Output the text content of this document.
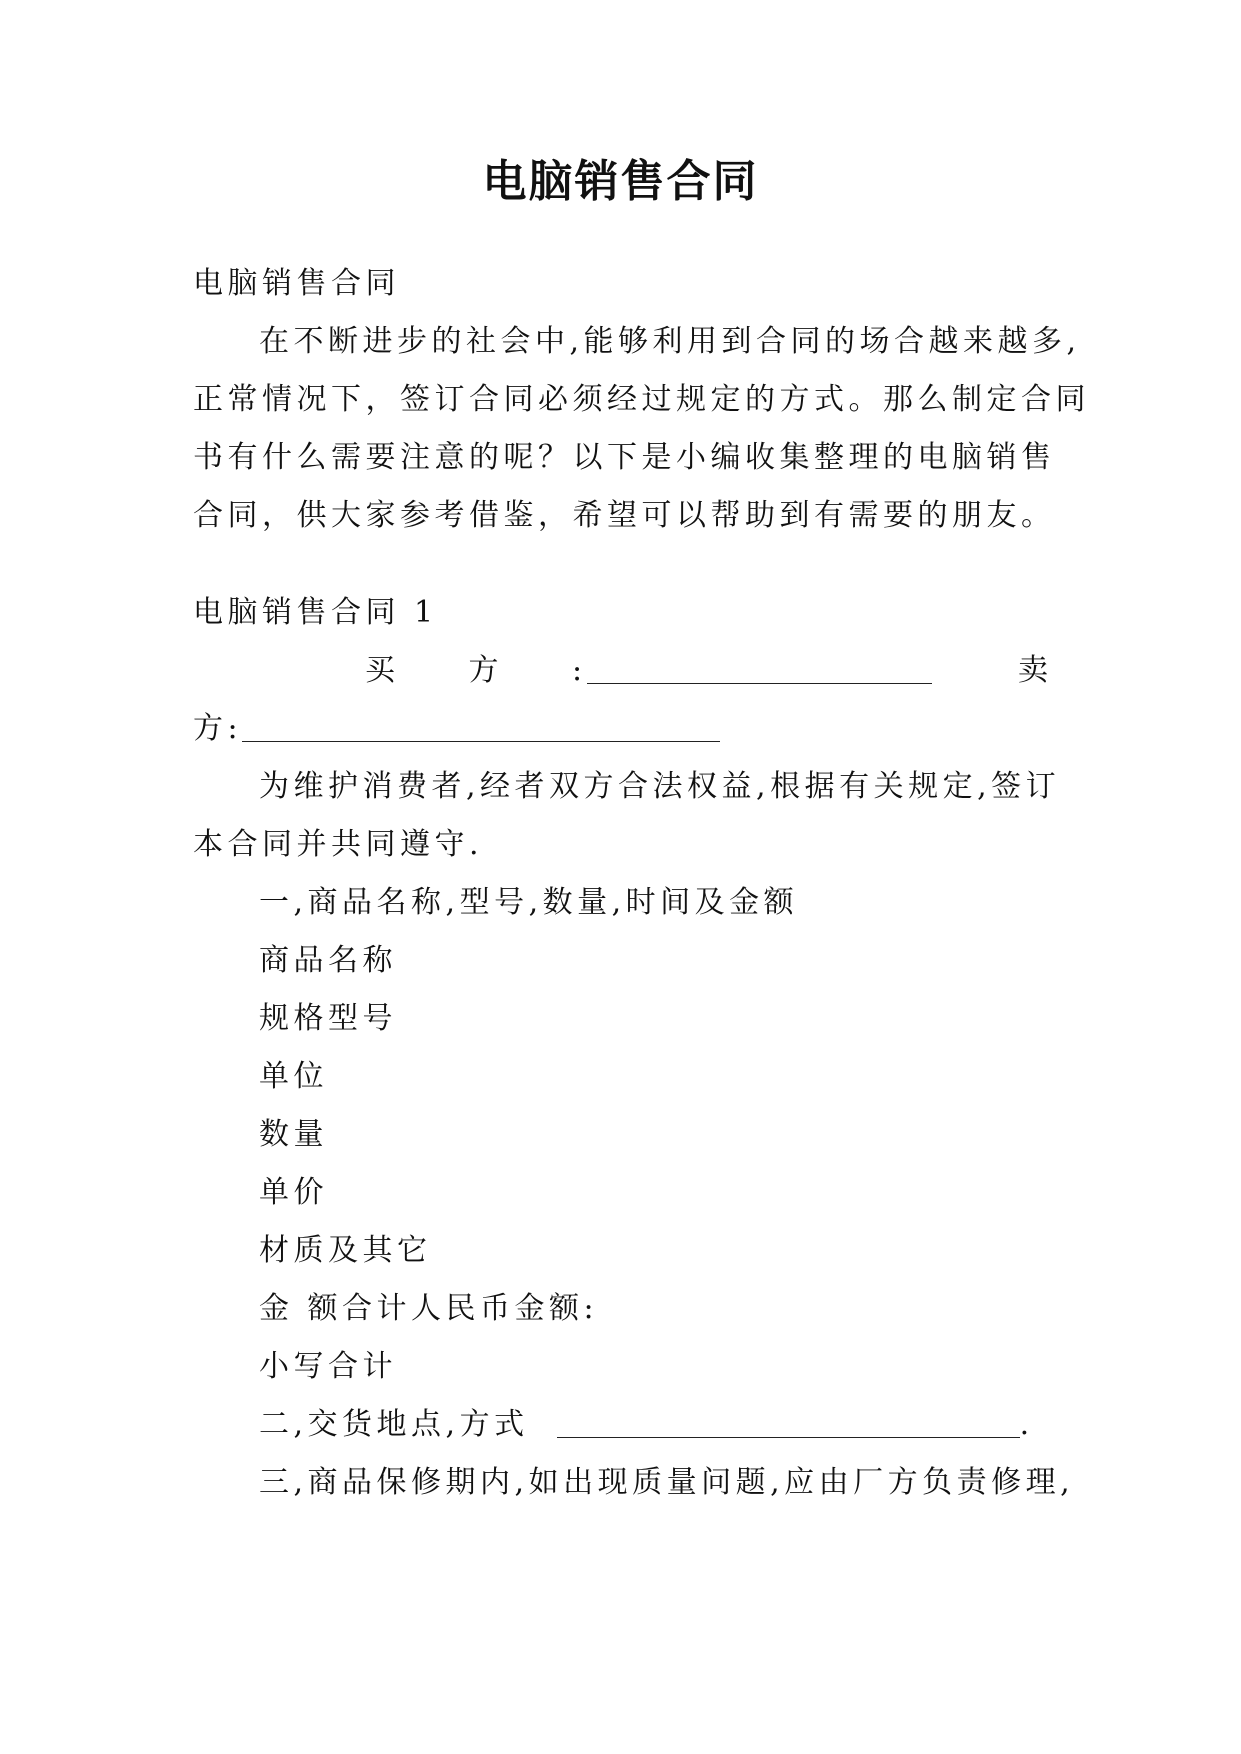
电脑销售合同
电脑销售合同
在不断进步的社会中,能够利用到合同的场合越来越多,
正常情况下，签订合同必须经过规定的方式。那么制定合同
书有什么需要注意的呢？以下是小编收集整理的电脑销售
合同，供大家参考借鉴，希望可以帮助到有需要的朋友。
电脑销售合同 1
买　　方　　:	卖
方:
为维护消费者,经者双方合法权益,根据有关规定,签订
本合同并共同遵守.
一,商品名称,型号,数量,时间及金额
商品名称
规格型号
单位
数量
单价
材质及其它
金 额合计人民币金额:
小写合计
二,交货地点,方式	.
三,商品保修期内,如出现质量问题,应由厂方负责修理,
